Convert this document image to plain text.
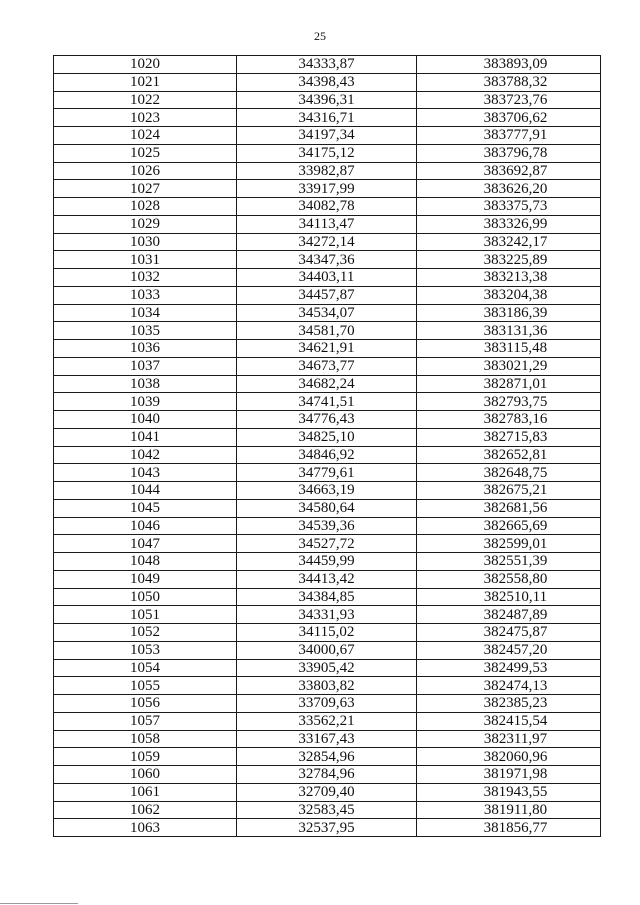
25
1020	34333,87	383893,09
1021	34398,43	383788,32
1022	34396,31	383723,76
1023	34316,71	383706,62
1024	34197,34	383777,91
1025	34175,12	383796,78
1026	33982,87	383692,87
1027	33917,99	383626,20
1028	34082,78	383375,73
1029	34113,47	383326,99
1030	34272,14	383242,17
1031	34347,36	383225,89
1032	34403,11	383213,38
1033	34457,87	383204,38
1034	34534,07	383186,39
1035	34581,70	383131,36
1036	34621,91	383115,48
1037	34673,77	383021,29
1038	34682,24	382871,01
1039	34741,51	382793,75
1040	34776,43	382783,16
1041	34825,10	382715,83
1042	34846,92	382652,81
1043	34779,61	382648,75
1044	34663,19	382675,21
1045	34580,64	382681,56
1046	34539,36	382665,69
1047	34527,72	382599,01
1048	34459,99	382551,39
1049	34413,42	382558,80
1050	34384,85	382510,11
1051	34331,93	382487,89
1052	34115,02	382475,87
1053	34000,67	382457,20
1054	33905,42	382499,53
1055	33803,82	382474,13
1056	33709,63	382385,23
1057	33562,21	382415,54
1058	33167,43	382311,97
1059	32854,96	382060,96
1060	32784,96	381971,98
1061	32709,40	381943,55
1062	32583,45	381911,80
1063	32537,95	381856,77
